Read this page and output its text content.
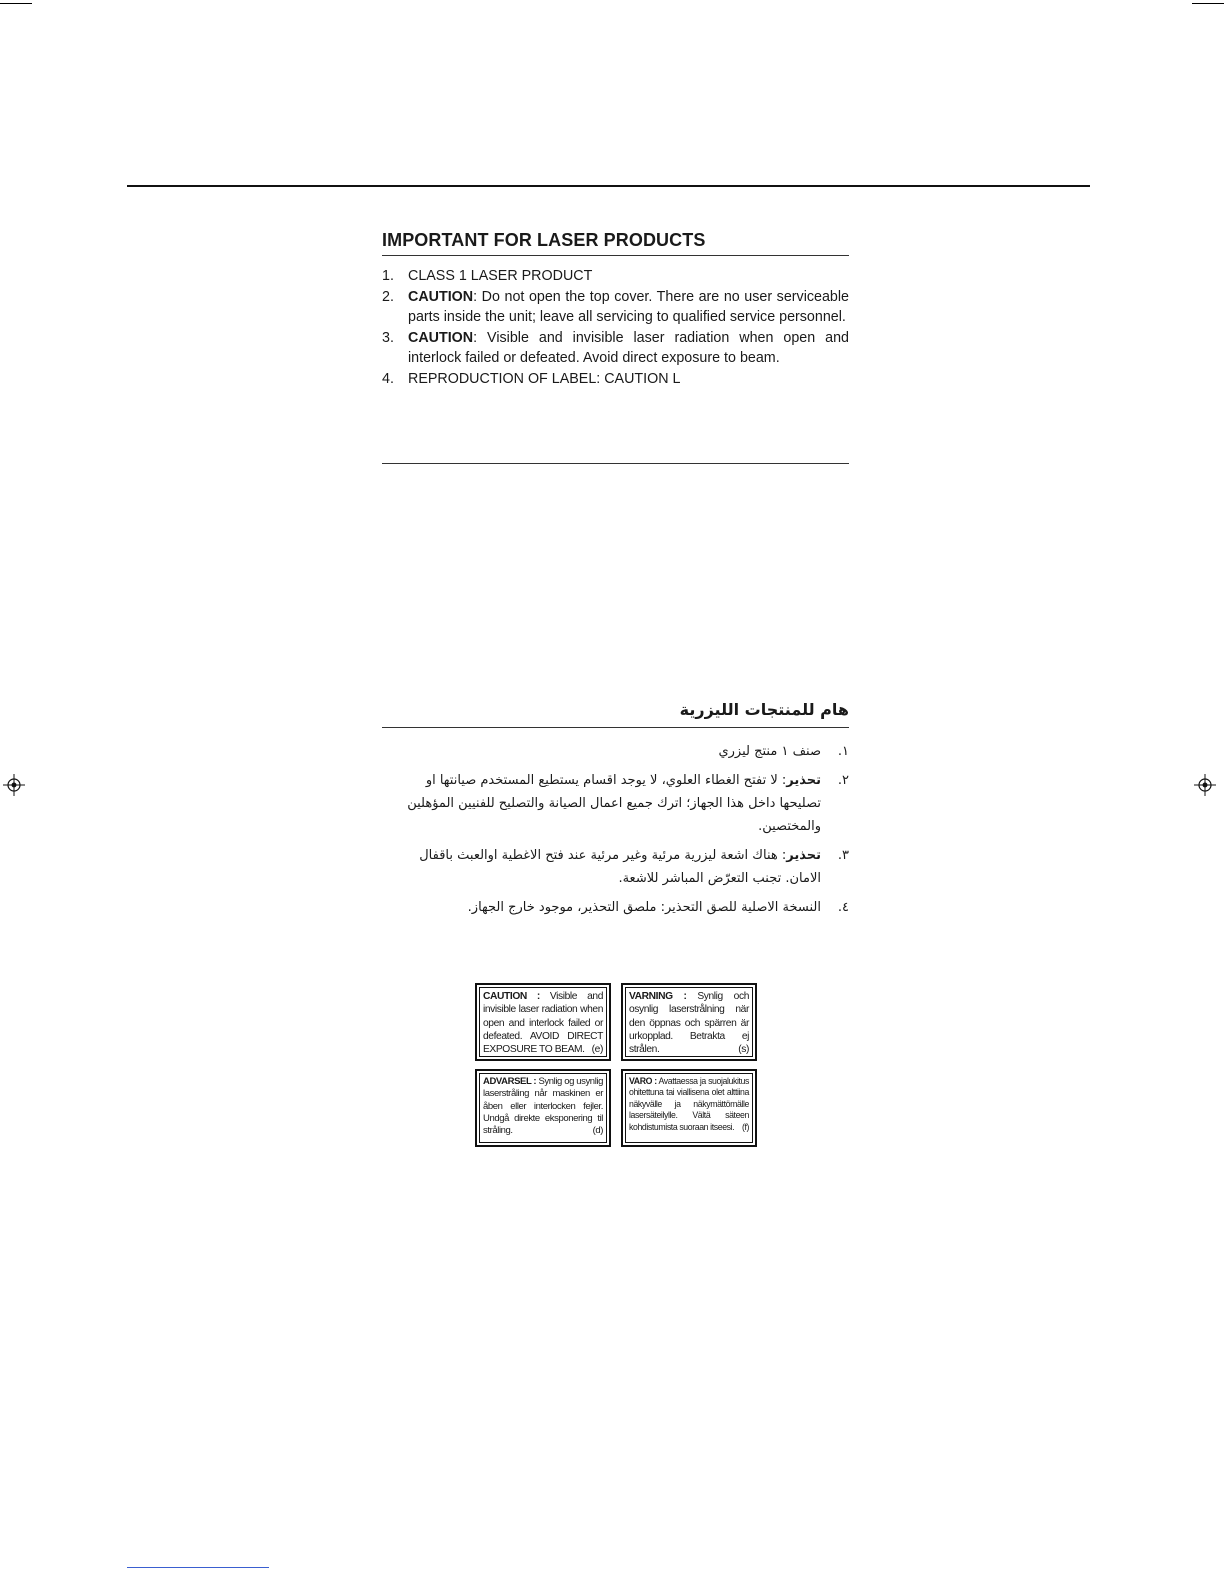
IMPORTANT FOR LASER PRODUCTS
1. CLASS 1 LASER PRODUCT
2. CAUTION: Do not open the top cover. There are no user serviceable parts inside the unit; leave all servicing to qualified service personnel.
3. CAUTION: Visible and invisible laser radiation when open and interlock failed or defeated. Avoid direct exposure to beam.
4. REPRODUCTION OF LABEL: CAUTION L
هام للمنتجات الليزرية
١.
صنف ١ منتج ليزري
٢.
تحذير: لا تفتح الغطاء العلوي، لا يوجد اقسام يستطيع المستخدم صيانتها او تصليحها داخل هذا الجهاز؛ اترك جميع اعمال الصيانة والتصليح للفنيين المؤهلين والمختصين.
٣.
تحذير: هناك اشعة ليزرية مرئية وغير مرئية عند فتح الاغطية اوالعبث باقفال الامان. تجنب التعرّض المباشر للاشعة.
٤.
النسخة الاصلية للصق التحذير: ملصق التحذير، موجود خارج الجهاز.
CAUTION : Visible and invisible laser radiation when open and interlock failed or defeated. AVOID DIRECT EXPOSURE TO BEAM. (e)
VARNING : Synlig och osynlig laserstrålning när den öppnas och spärren är urkopplad. Betrakta ej strålen.	(s)
ADVARSEL : Synlig og usynlig laserstråling når maskinen er åben eller interlocken fejler. Undgå direkte eksponering til stråling.	(d)
VARO : Avattaessa ja suojalukitus ohitettuna tai viallisena olet alttiina näkyvälle ja näkymättömälle lasersäteilylle. Vältä säteen kohdistumista suoraan itseesi. (f)
